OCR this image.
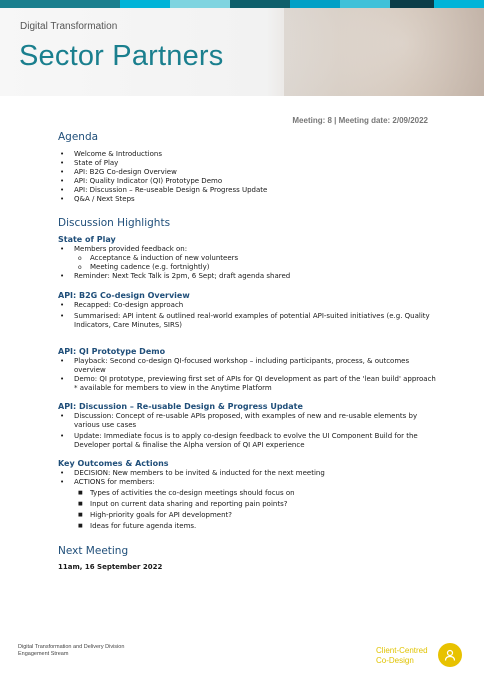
Digital Transformation
Sector Partners
Meeting: 8 | Meeting date: 2/09/2022
Agenda
• Welcome & Introductions
• State of Play
• API: B2G Co-design Overview
• API: Quality Indicator (QI) Prototype Demo
• API: Discussion – Re-useable Design & Progress Update
• Q&A / Next Steps
Discussion Highlights
State of Play
• Members provided feedback on:
o Acceptance & induction of new volunteers
o Meeting cadence (e.g. fortnightly)
• Reminder: Next Teck Talk is 2pm, 6 Sept; draft agenda shared
API: B2G Co-design Overview
• Recapped: Co-design approach
• Summarised: API intent & outlined real-world examples of potential API-suited initiatives (e.g. Quality Indicators, Care Minutes, SIRS)
API: QI Prototype Demo
• Playback: Second co-design QI-focused workshop – including participants, process, & outcomes overview
• Demo: QI prototype, previewing first set of APIs for QI development as part of the 'lean build' approach * available for members to view in the Anytime Platform
API: Discussion – Re-usable Design & Progress Update
• Discussion: Concept of re-usable APIs proposed, with examples of new and re-usable elements by various use cases
• Update: Immediate focus is to apply co-design feedback to evolve the UI Component Build for the Developer portal & finalise the Alpha version of QI API experience
Key Outcomes & Actions
• DECISION: New members to be invited & inducted for the next meeting
• ACTIONS for members:
■ Types of activities the co-design meetings should focus on
■ Input on current data sharing and reporting pain points?
■ High-priority goals for API development?
■ Ideas for future agenda items.
Next Meeting
11am, 16 September 2022
Digital Transformation and Delivery Division
Engagement Stream	Client-Centred
Co-Design
